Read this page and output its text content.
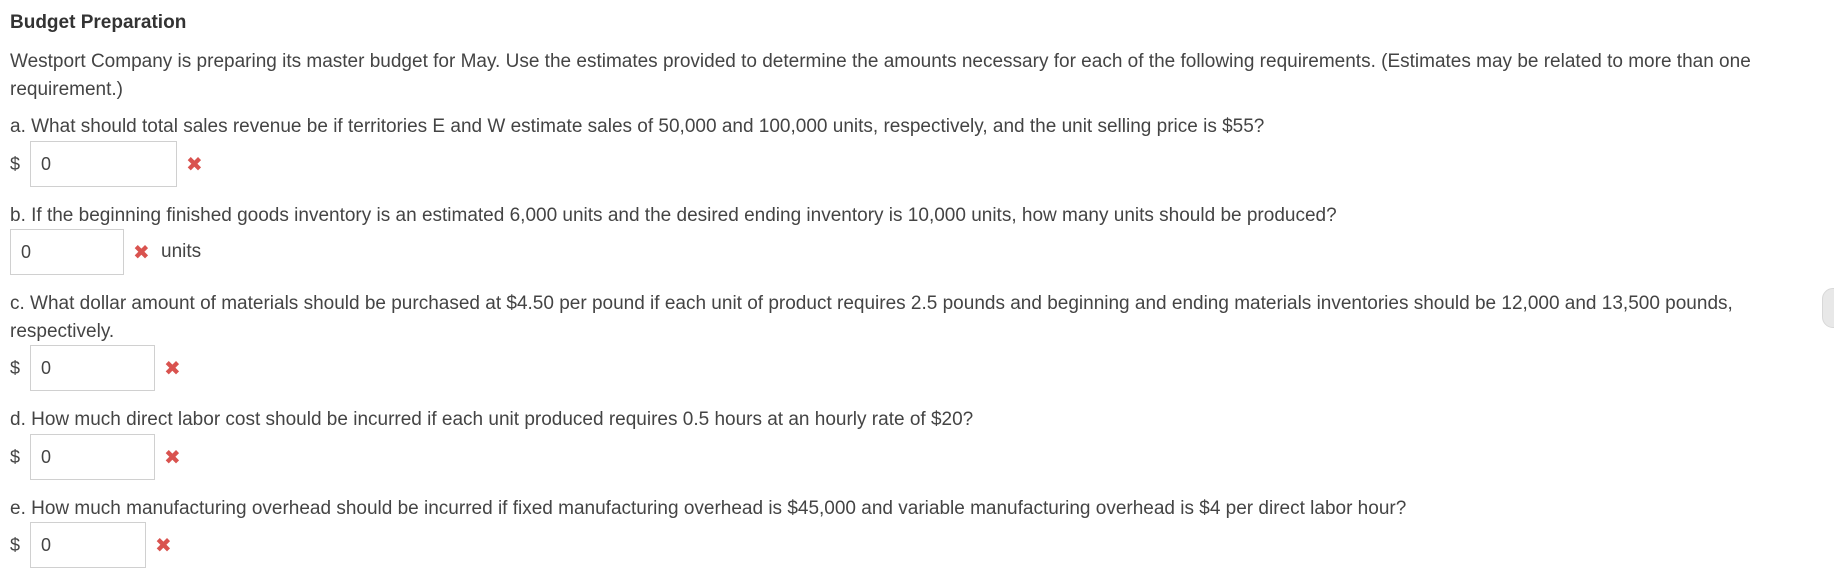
Budget Preparation
Westport Company is preparing its master budget for May. Use the estimates provided to determine the amounts necessary for each of the following requirements. (Estimates may be related to more than one requirement.)
a. What should total sales revenue be if territories E and W estimate sales of 50,000 and 100,000 units, respectively, and the unit selling price is $55?
$	0	✖
b. If the beginning finished goods inventory is an estimated 6,000 units and the desired ending inventory is 10,000 units, how many units should be produced?
0	✖ units
c. What dollar amount of materials should be purchased at $4.50 per pound if each unit of product requires 2.5 pounds and beginning and ending materials inventories should be 12,000 and 13,500 pounds, respectively.
$	0	✖
d. How much direct labor cost should be incurred if each unit produced requires 0.5 hours at an hourly rate of $20?
$	0	✖
e. How much manufacturing overhead should be incurred if fixed manufacturing overhead is $45,000 and variable manufacturing overhead is $4 per direct labor hour?
$	0	✖
